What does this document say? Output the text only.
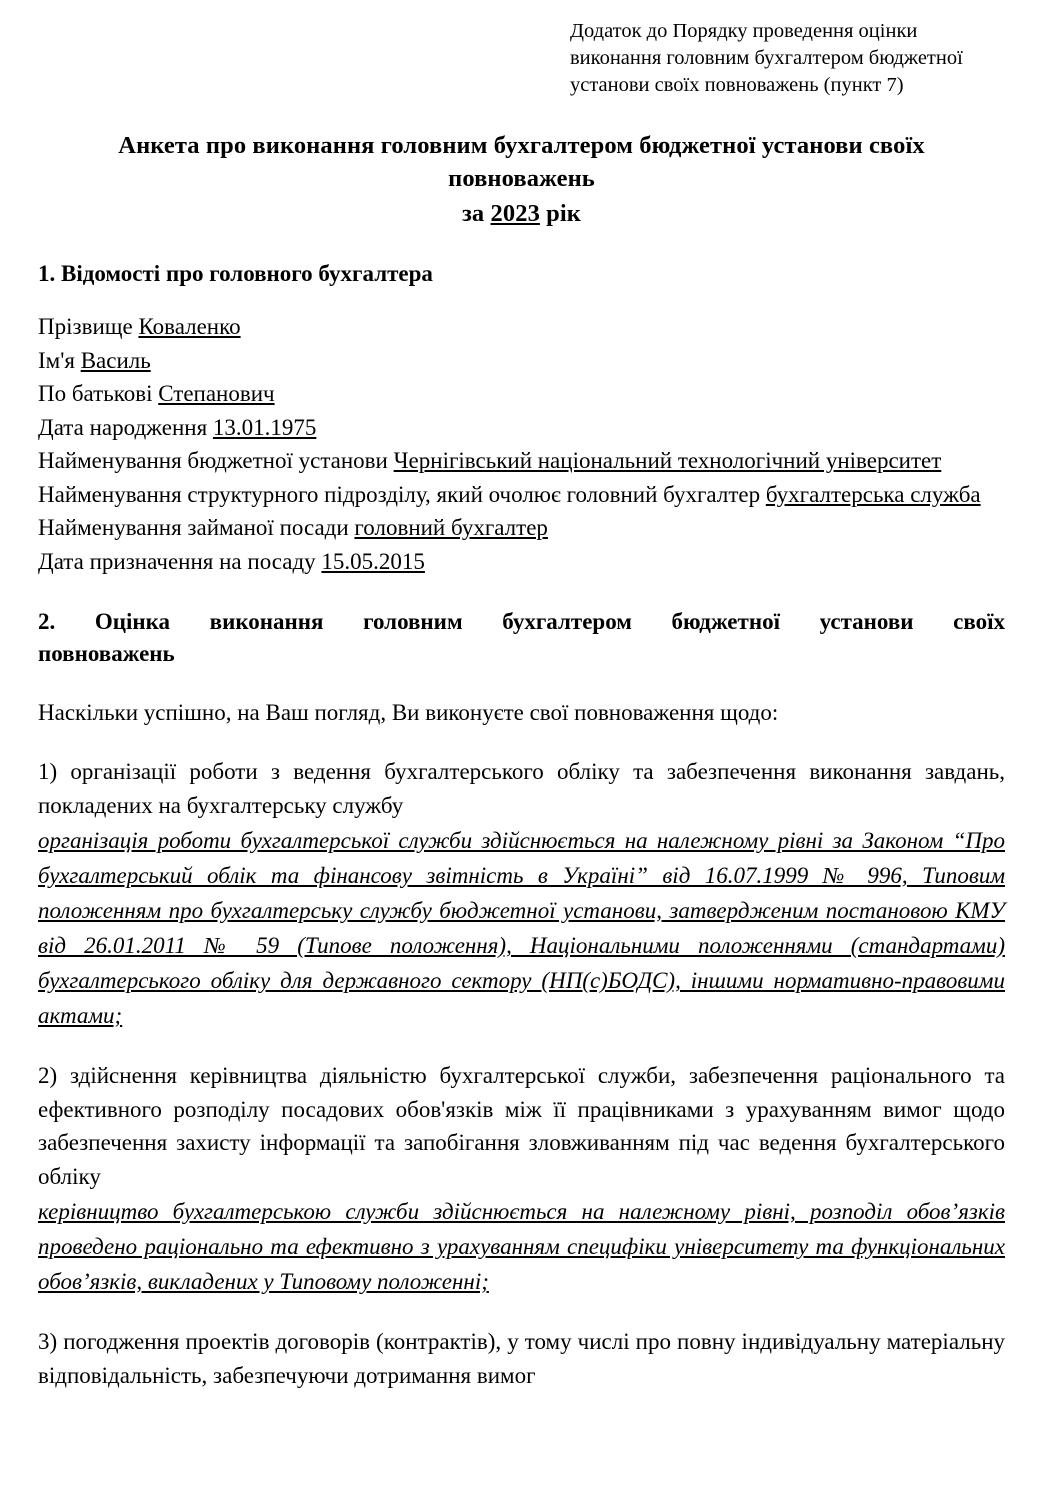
Додаток до Порядку проведення оцінки виконання головним бухгалтером бюджетної установи своїх повноважень (пункт 7)
Анкета про виконання головним бухгалтером бюджетної установи своїх
повноважень
за 2023 рік
1. Відомості про головного бухгалтера
Прізвище Коваленко
Ім'я Василь
По батькові Степанович
Дата народження 13.01.1975
Найменування бюджетної установи Чернігівський національний технологічний університет
Найменування структурного підрозділу, який очолює головний бухгалтер бухгалтерська служба
Найменування займаної посади головний бухгалтер
Дата призначення на посаду 15.05.2015
2. Оцінка виконання головним бухгалтером бюджетної установи своїх
повноважень
Наскільки успішно, на Ваш погляд, Ви виконуєте свої повноваження щодо:
1) організації роботи з ведення бухгалтерського обліку та забезпечення виконання завдань, покладених на бухгалтерську службу
організація роботи бухгалтерської служби здійснюється на належному рівні за Законом “Про бухгалтерський облік та фінансову звітність в Україні” від 16.07.1999 № 996, Типовим положенням про бухгалтерську службу бюджетної установи, затвердженим постановою КМУ від 26.01.2011 № 59 (Типове положення), Національними положеннями (стандартами) бухгалтерського обліку для державного сектору (НП(с)БОДС), іншими нормативно-правовими актами;
2) здійснення керівництва діяльністю бухгалтерської служби, забезпечення раціонального та ефективного розподілу посадових обов'язків між її працівниками з урахуванням вимог щодо забезпечення захисту інформації та запобігання зловживанням під час ведення бухгалтерського обліку
керівництво бухгалтерською служби здійснюється на належному рівні, розподіл обов’язків проведено раціонально та ефективно з урахуванням специфіки університету та функціональних обов’язків, викладених у Типовому положенні;
3) погодження проектів договорів (контрактів), у тому числі про повну індивідуальну матеріальну відповідальність, забезпечуючи дотримання вимог
